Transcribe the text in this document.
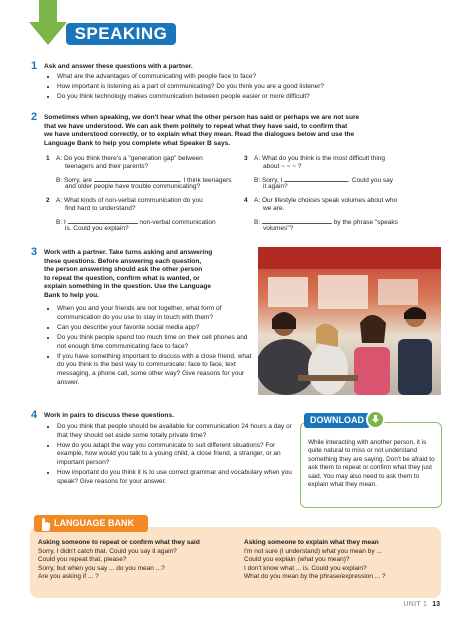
SPEAKING
1 Ask and answer these questions with a partner.
• What are the advantages of communicating with people face to face?
• How important is listening as a part of communicating? Do you think you are a good listener?
• Do you think technology makes communication between people easier or more difficult?
2 Sometimes when speaking, we don't hear what the other person has said or perhaps we are not sure
that we have understood. We can ask them politely to repeat what they have said, to confirm that
we have understood correctly, or to explain what they mean. Read the dialogues below and use the
Language Bank to help you complete what Speaker B says.
1 A: Do you think there's a "generation gap" between
teenagers and their parents?
B: Sorry, are	. I think teenagers
and older people have trouble communicating?
2 A: What kinds of non-verbal communication do you
find hard to understand?
B: I	non-verbal communication
is. Could you explain?
3 A: What do you think is the most difficult thing
about ~ ~ ~ ?
B: Sorry, I	. Could you say
it again?
4 A: Our lifestyle choices speak volumes about who
we are.
B:	by the phrase "speaks
volumes"?
3 Work with a partner. Take turns asking and answering
these questions. Before answering each question,
the person answering should ask the other person
to repeat the question, confirm what is wanted, or
explain something in the question. Use the Language
Bank to help you.
• When you and your friends are not together, what form of communication do you use to stay in touch with them?
• Can you describe your favorite social media app?
• Do you think people spend too much time on their cell phones and not enough time communicating face to face?
• If you have something important to discuss with a close friend, what do you think is the best way to communicate: face to face, text messaging, a phone call, some other way? Give reasons for your answer.
4 Work in pairs to discuss these questions.
• Do you think that people should be available for communication 24 hours a day or that they should set aside some totally private time?
• How do you adapt the way you communicate to suit different situations? For example, how would you talk to a young child, a close friend, a stranger, or an important person?
• How important do you think it is to use correct grammar and vocabulary when you speak? Give reasons for your answer.
While interacting with another person, it is quite natural to miss or not understand something they are saying. Don't be afraid to ask them to repeat or confirm what they just said. You may also need to ask them to explain what they mean.
DOWNLOAD
LANGUAGE BANK
Asking someone to repeat or confirm what they said
Sorry, I didn't catch that. Could you say it again?
Could you repeat that, please?
Sorry, but when you say ... do you mean ...?
Are you asking if ... ?
Asking someone to explain what they mean
I'm not sure (I understand) what you mean by ...
Could you explain (what you mean)?
I don't know what ... is. Could you explain?
What do you mean by the phrase/expression ... ?
UNIT 1 13
